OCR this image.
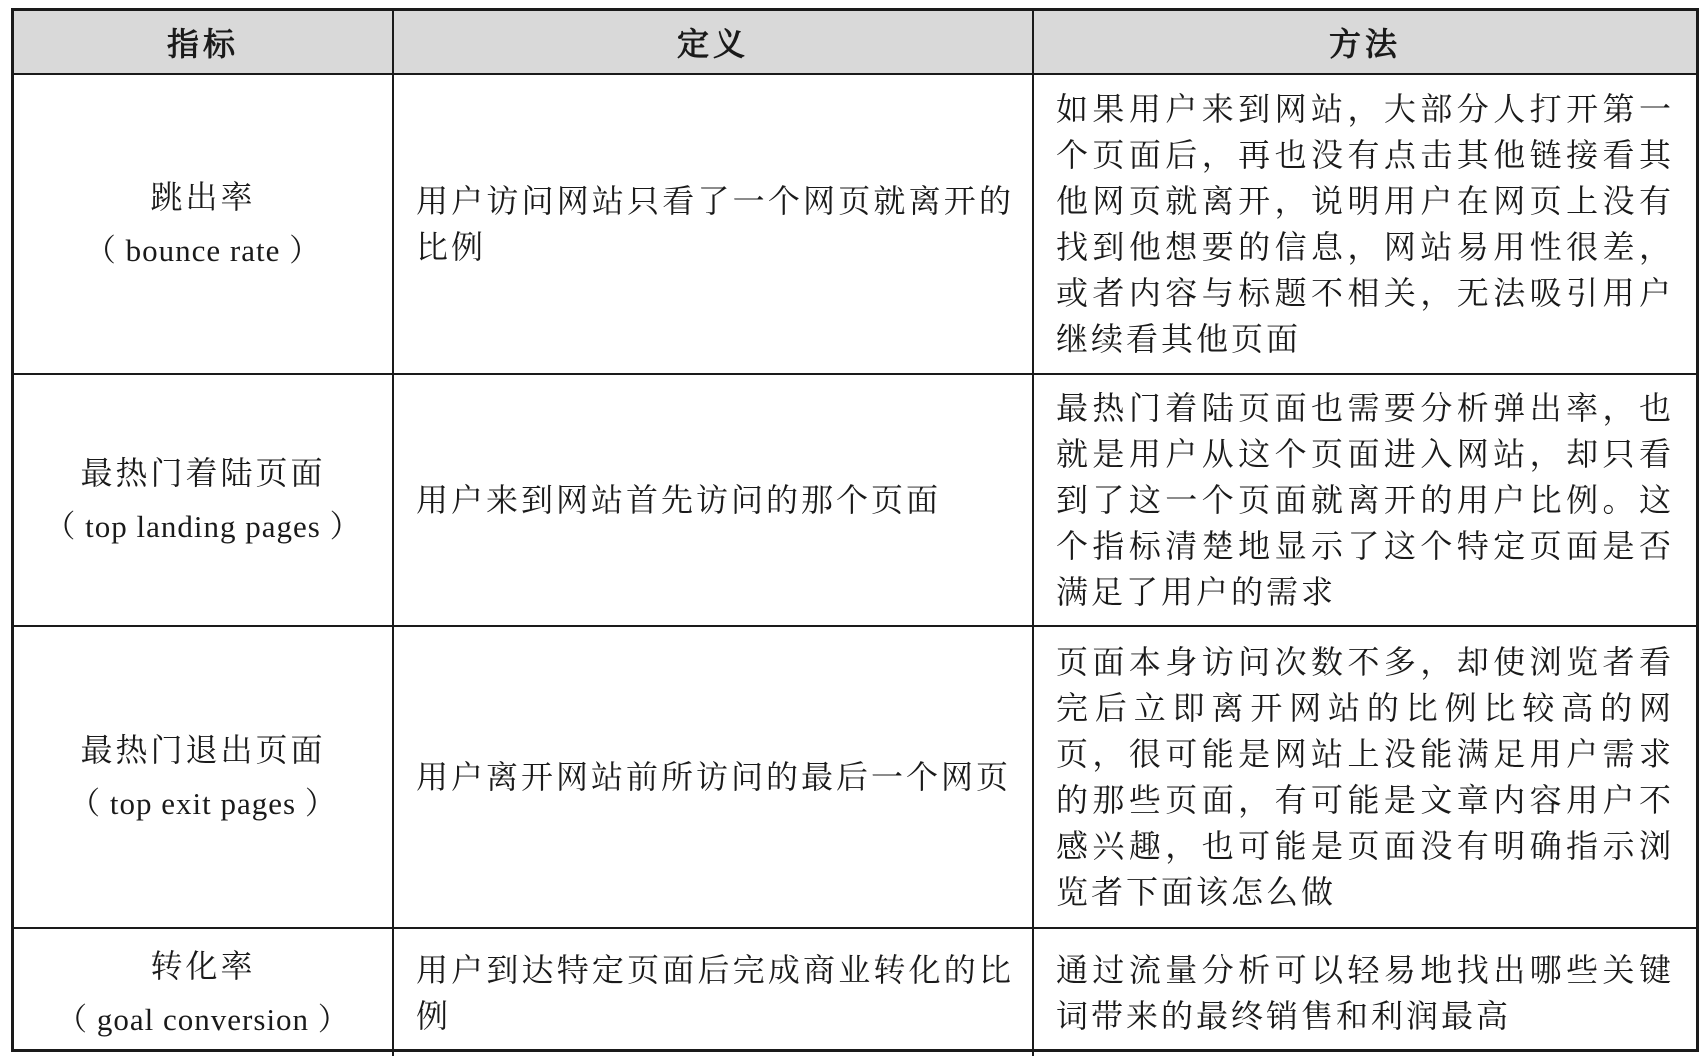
指标	定义	方法

跳出率
（ bounce rate ）	用户访问网站只看了一个网页就离开的比例	如果用户来到网站，大部分人打开第一个页面后，再也没有点击其他链接看其他网页就离开，说明用户在网页上没有找到他想要的信息，网站易用性很差，或者内容与标题不相关，无法吸引用户继续看其他页面

最热门着陆页面
（ top landing pages ）	用户来到网站首先访问的那个页面	最热门着陆页面也需要分析弹出率，也就是用户从这个页面进入网站，却只看到了这一个页面就离开的用户比例。这个指标清楚地显示了这个特定页面是否满足了用户的需求

最热门退出页面
（ top exit pages ）	用户离开网站前所访问的最后一个网页	页面本身访问次数不多，却使浏览者看完后立即离开网站的比例比较高的网页，很可能是网站上没能满足用户需求的那些页面，有可能是文章内容用户不感兴趣，也可能是页面没有明确指示浏览者下面该怎么做

转化率
（ goal conversion ）	用户到达特定页面后完成商业转化的比例	通过流量分析可以轻易地找出哪些关键词带来的最终销售和利润最高
